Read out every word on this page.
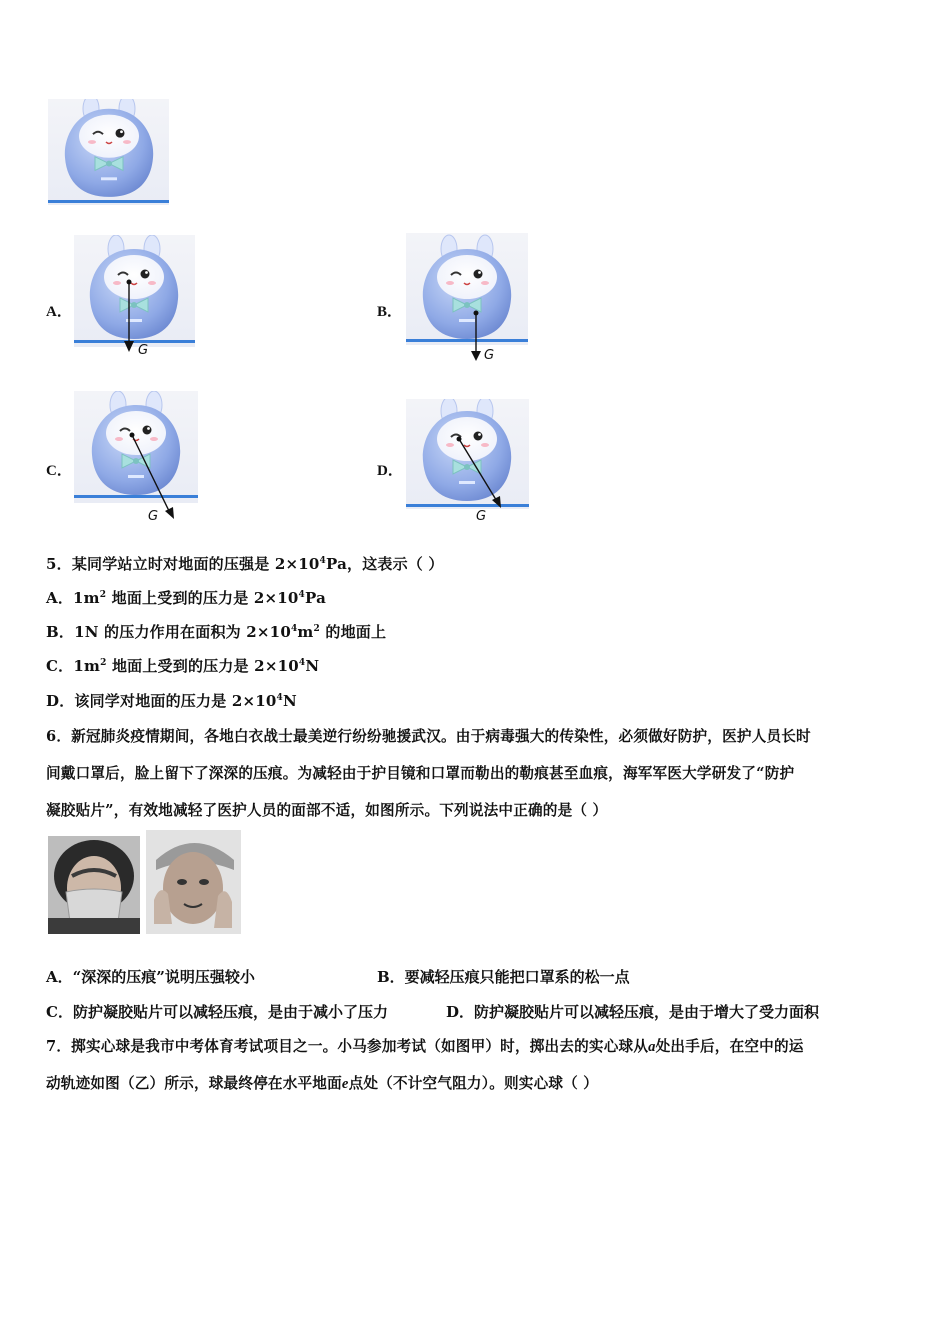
A．
G
B．
G
C．
G
D．
G
5．某同学站立时对地面的压强是 $2\times 10^4Pa$，这表示（ ）
A．$1m^2$ 地面上受到的压力是 $2\times 10^4Pa$
B．1N 的压力作用在面积为 $2\times 10^4m^2$ 的地面上
C．$1m^2$ 地面上受到的压力是 $2\times 10^4N$
D．该同学对地面的压力是 $2\times 10^4N$
6．新冠肺炎疫情期间，各地白衣战士最美逆行纷纷驰援武汉。由于病毒强大的传染性，必须做好防护，医护人员长时
间戴口罩后，脸上留下了深深的压痕。为减轻由于护目镜和口罩而勒出的勒痕甚至血痕，海军军医大学研发了“防护
凝胶贴片”，有效地减轻了医护人员的面部不适，如图所示。下列说法中正确的是（ ）
A．“深深的压痕”说明压强较小	B．要减轻压痕只能把口罩系的松一点
C．防护凝胶贴片可以减轻压痕，是由于减小了压力	D．防护凝胶贴片可以减轻压痕，是由于增大了受力面积
7．掷实心球是我市中考体育考试项目之一。小马参加考试（如图甲）时，掷出去的实心球从a处出手后，在空中的运
动轨迹如图（乙）所示，球最终停在水平地面e点处（不计空气阻力）。则实心球（ ）
